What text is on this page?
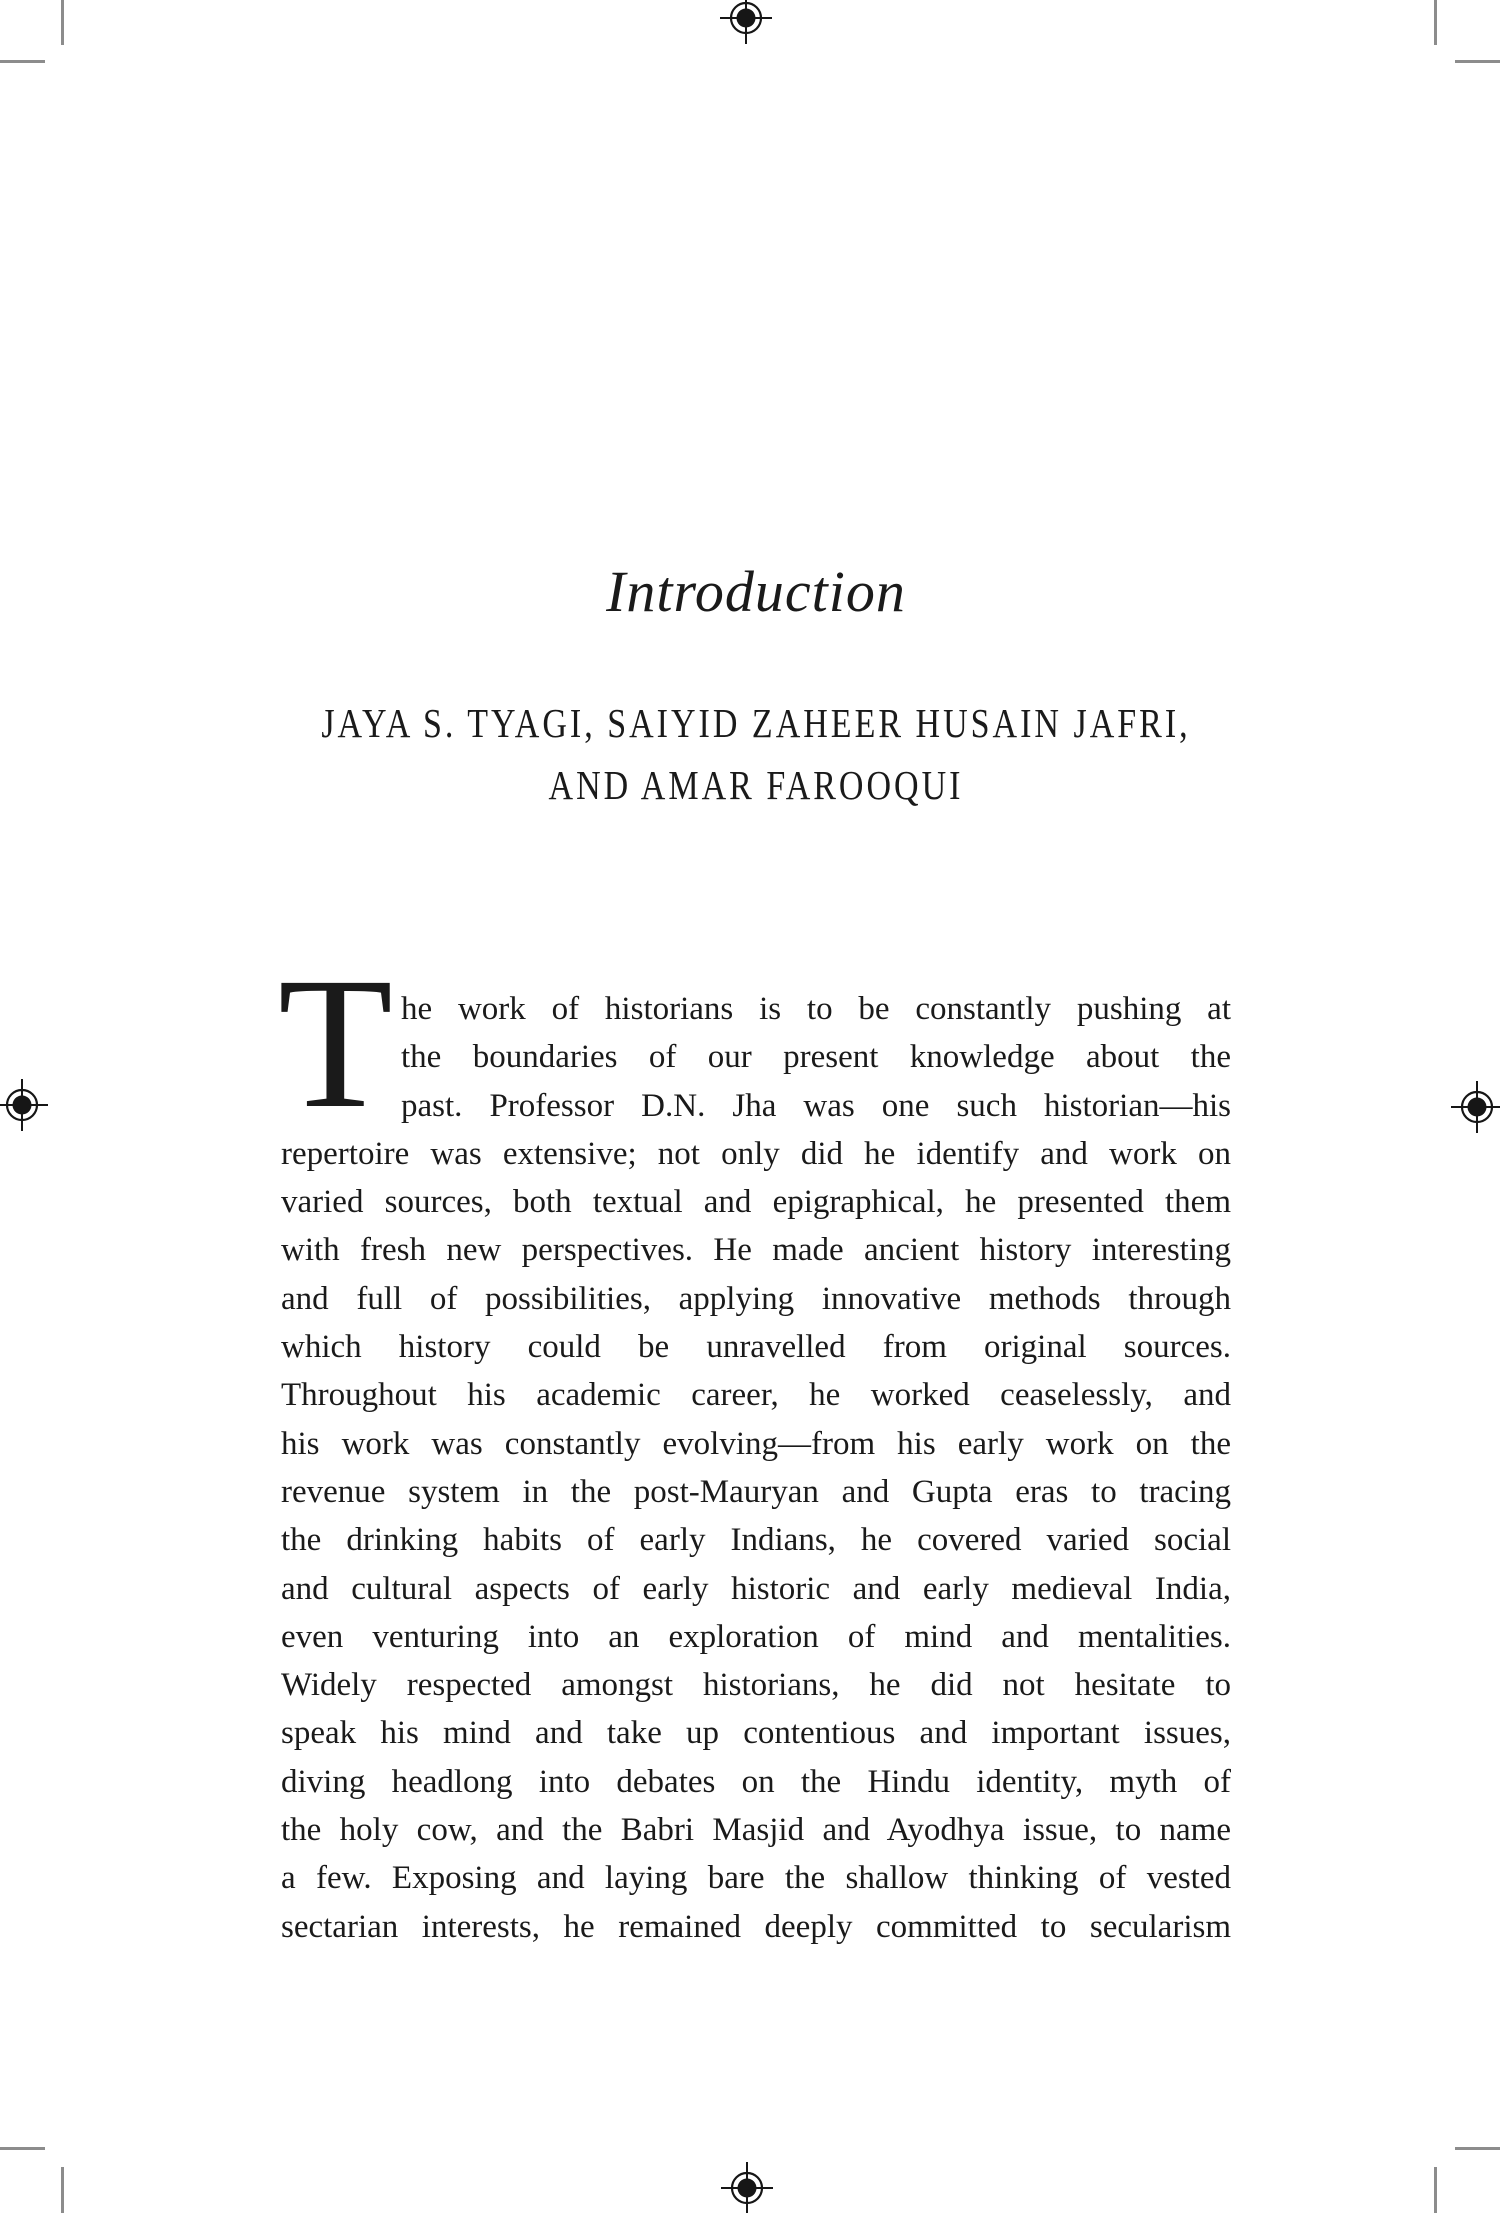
Introduction
JAYA S. TYAGI, SAIYID ZAHEER HUSAIN JAFRI,
AND AMAR FAROOQUI
T he work of historians is to be constantly pushing at
the boundaries of our present knowledge about the
past. Professor D.N. Jha was one such historian—his
repertoire was extensive; not only did he identify and work on
varied sources, both textual and epigraphical, he presented them
with fresh new perspectives. He made ancient history interesting
and full of possibilities, applying innovative methods through
which history could be unravelled from original sources.
Throughout his academic career, he worked ceaselessly, and
his work was constantly evolving—from his early work on the
revenue system in the post-Mauryan and Gupta eras to tracing
the drinking habits of early Indians, he covered varied social
and cultural aspects of early historic and early medieval India,
even venturing into an exploration of mind and mentalities.
Widely respected amongst historians, he did not hesitate to
speak his mind and take up contentious and important issues,
diving headlong into debates on the Hindu identity, myth of
the holy cow, and the Babri Masjid and Ayodhya issue, to name
a few. Exposing and laying bare the shallow thinking of vested
sectarian interests, he remained deeply committed to secularism
